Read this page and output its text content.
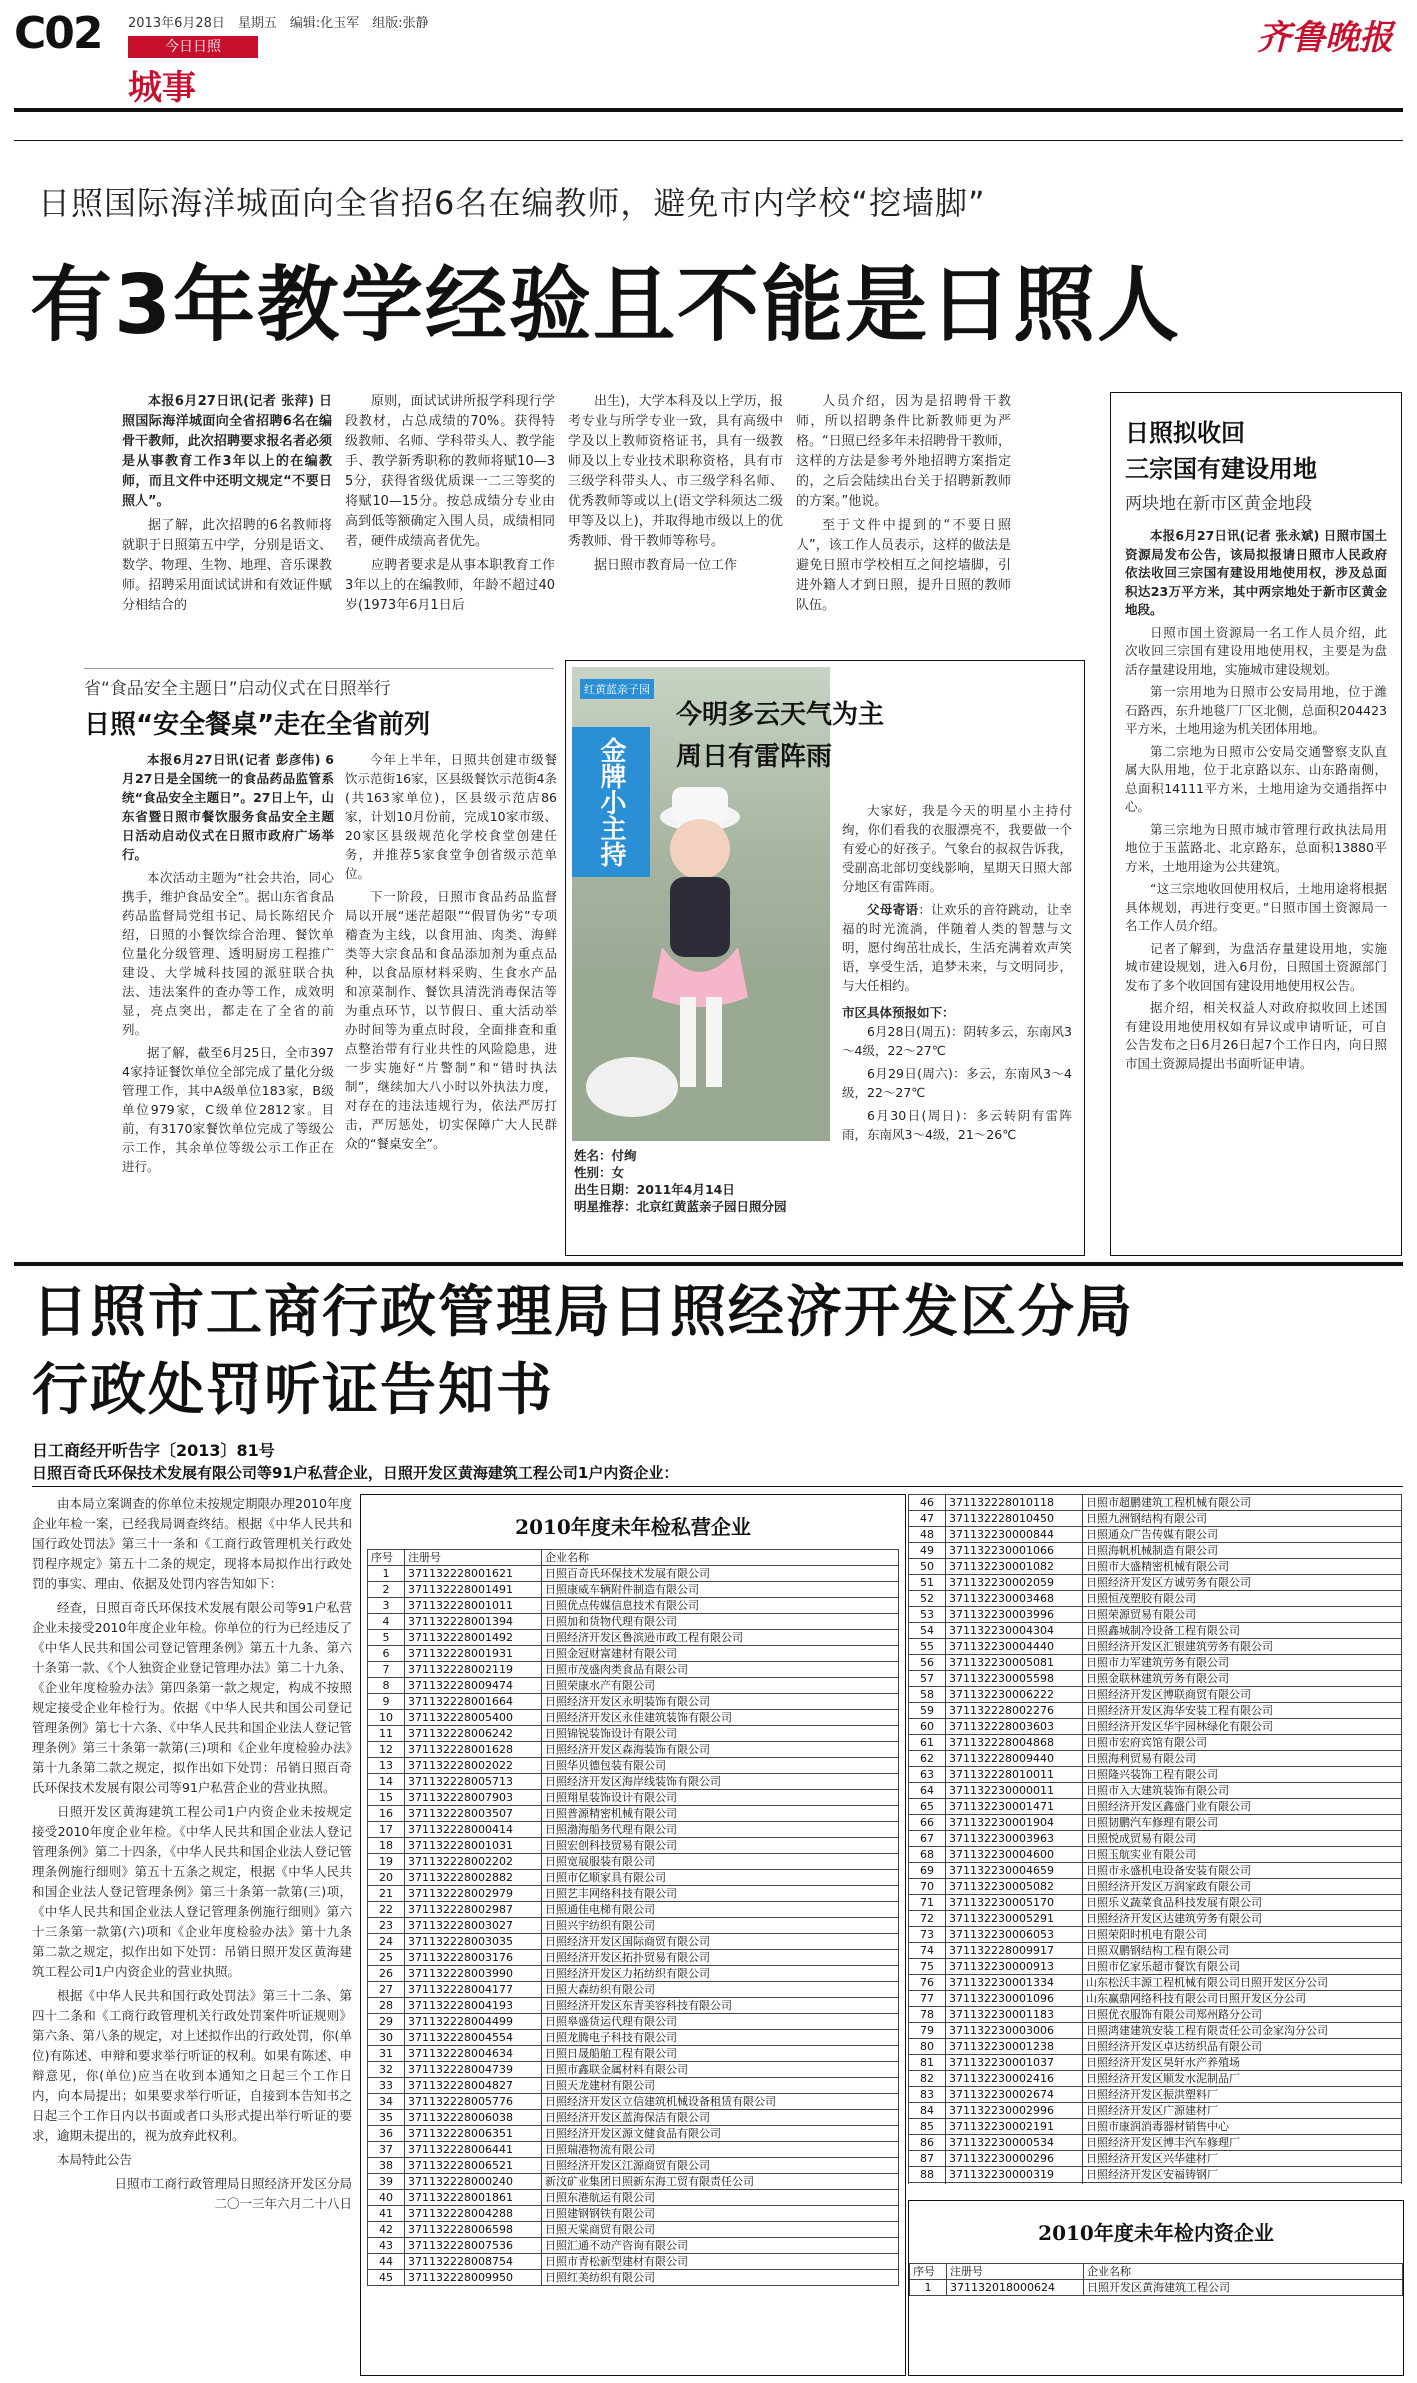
C02 2013年6月28日　星期五　编辑:化玉军　组版:张静
今日日照
城事
齐鲁晚报
日照国际海洋城面向全省招6名在编教师，避免市内学校“挖墙脚”
有3年教学经验且不能是日照人

本报6月27日讯(记者 张萍) 日照国际海洋城面向全省招聘6名在编骨干教师，此次招聘要求报名者必须是从事教育工作3年以上的在编教师，而且文件中还明文规定“不要日照人”。

据了解，此次招聘的6名教师将就职于日照第五中学，分别是语文、数学、物理、生物、地理、音乐课教师。招聘采用面试试讲和有效证件赋分相结合的

原则，面试试讲所报学科现行学段教材，占总成绩的70%。获得特级教师、名师、学科带头人、教学能手、教学新秀职称的教师将赋10—35分，获得省级优质课一二三等奖的将赋10—15分。按总成绩分专业由高到低等额确定入围人员，成绩相同者，硬件成绩高者优先。

应聘者要求是从事本职教育工作3年以上的在编教师，年龄不超过40岁(1973年6月1日后

出生)，大学本科及以上学历，报考专业与所学专业一致，具有高级中学及以上教师资格证书，具有一级教师及以上专业技术职称资格，具有市三级学科带头人、市三级学科名师、优秀教师等或以上(语文学科须达二级甲等及以上)，并取得地市级以上的优秀教师、骨干教师等称号。

据日照市教育局一位工作

人员介绍，因为是招聘骨干教师，所以招聘条件比新教师更为严格。“日照已经多年未招聘骨干教师，这样的方法是参考外地招聘方案指定的，之后会陆续出台关于招聘新教师的方案。”他说。

至于文件中提到的“不要日照人”，该工作人员表示，这样的做法是避免日照市学校相互之间挖墙脚，引进外籍人才到日照，提升日照的教师队伍。

日照拟收回
三宗国有建设用地
两块地在新市区黄金地段

本报6月27日讯(记者 张永斌) 日照市国土资源局发布公告，该局拟报请日照市人民政府依法收回三宗国有建设用地使用权，涉及总面积达23万平方米，其中两宗地处于新市区黄金地段。

日照市国土资源局一名工作人员介绍，此次收回三宗国有建设用地使用权，主要是为盘活存量建设用地，实施城市建设规划。

第一宗用地为日照市公安局用地，位于潍石路西，东升地毯厂厂区北侧，总面积204423平方米，土地用途为机关团体用地。

第二宗地为日照市公安局交通警察支队直属大队用地，位于北京路以东、山东路南侧，总面积14111平方米，土地用途为交通指挥中心。

第三宗地为日照市城市管理行政执法局用地位于玉蓝路北、北京路东，总面积13880平方米，土地用途为公共建筑。

“这三宗地收回使用权后，土地用途将根据具体规划，再进行变更。”日照市国土资源局一名工作人员介绍。

记者了解到，为盘活存量建设用地，实施城市建设规划，进入6月份，日照国土资源部门发布了多个收回国有建设用地使用权公告。

据介绍，相关权益人对政府拟收回上述国有建设用地使用权如有异议或申请听证，可自公告发布之日6月26日起7个工作日内，向日照市国土资源局提出书面听证申请。

省“食品安全主题日”启动仪式在日照举行
日照“安全餐桌”走在全省前列

本报6月27日讯(记者 彭彦伟) 6月27日是全国统一的食品药品监管系统“食品安全主题日”。27日上午，山东省暨日照市餐饮服务食品安全主题日活动启动仪式在日照市政府广场举行。

本次活动主题为“社会共治，同心携手，维护食品安全”。据山东省食品药品监督局党组书记、局长陈绍民介绍，日照的小餐饮综合治理、餐饮单位量化分级管理、透明厨房工程推广建设、大学城科技园的派驻联合执法、违法案件的查办等工作，成效明显，亮点突出，都走在了全省的前列。

据了解，截至6月25日，全市3974家持证餐饮单位全部完成了量化分级管理工作，其中A级单位183家，B级单位979家，C级单位2812家。目前，有3170家餐饮单位完成了等级公示工作，其余单位等级公示工作正在进行。

今年上半年，日照共创建市级餐饮示范街16家，区县级餐饮示范街4条(共163家单位)，区县级示范店86家，计划10月份前，完成10家市级、20家区县级规范化学校食堂创建任务，并推荐5家食堂争创省级示范单位。

下一阶段，日照市食品药品监督局以开展“迷茫超限”“假冒伪劣”专项稽查为主线，以食用油、肉类、海鲜类等大宗食品和食品添加剂为重点品种，以食品原材料采购、生食水产品和凉菜制作、餐饮具清洗消毒保洁等为重点环节，以节假日、重大活动举办时间等为重点时段，全面排查和重点整治带有行业共性的风险隐患，进一步实施好“片警制”和“错时执法制”，继续加大八小时以外执法力度，对存在的违法违规行为，依法严厉打击，严厉惩处，切实保障广大人民群众的“餐桌安全”。

金牌小主持
红黄蓝亲子园
姓名：付绚
性别：女
出生日期：2011年4月14日
明星推荐：北京红黄蓝亲子园日照分园
今明多云天气为主
周日有雷阵雨

大家好，我是今天的明星小主持付绚，你们看我的衣服漂亮不，我要做一个有爱心的好孩子。气象台的叔叔告诉我，受副高北部切变线影响，星期天日照大部分地区有雷阵雨。

父母寄语：让欢乐的音符跳动，让幸福的时光流淌，伴随着人类的智慧与文明，愿付绚茁壮成长，生活充满着欢声笑语，享受生活，追梦未来，与文明同步，与大任相约。

市区具体预报如下：

6月28日(周五)：阴转多云，东南风3～4级，22～27℃

6月29日(周六)：多云，东南风3～4级，22～27℃

6月30日(周日)：多云转阴有雷阵雨，东南风3～4级，21～26℃

日照市工商行政管理局日照经济开发区分局
行政处罚听证告知书
日工商经开听告字〔2013〕81号
日照百奇氏环保技术发展有限公司等91户私营企业，日照开发区黄海建筑工程公司1户内资企业：

由本局立案调查的你单位未按规定期限办理2010年度企业年检一案，已经我局调查终结。根据《中华人民共和国行政处罚法》第三十一条和《工商行政管理机关行政处罚程序规定》第五十二条的规定，现将本局拟作出行政处罚的事实、理由、依据及处罚内容告知如下：

经查，日照百奇氏环保技术发展有限公司等91户私营企业未接受2010年度企业年检。你单位的行为已经违反了《中华人民共和国公司登记管理条例》第五十九条、第六十条第一款、《个人独资企业登记管理办法》第二十九条、《企业年度检验办法》第四条第一款之规定，构成不按照规定接受企业年检行为。依据《中华人民共和国公司登记管理条例》第七十六条、《中华人民共和国企业法人登记管理条例》第三十条第一款第(三)项和《企业年度检验办法》第十九条第二款之规定，拟作出如下处罚：吊销日照百奇氏环保技术发展有限公司等91户私营企业的营业执照。

日照开发区黄海建筑工程公司1户内资企业未按规定接受2010年度企业年检。《中华人民共和国企业法人登记管理条例》第二十四条，《中华人民共和国企业法人登记管理条例施行细则》第五十五条之规定，根据《中华人民共和国企业法人登记管理条例》第三十条第一款第(三)项，《中华人民共和国企业法人登记管理条例施行细则》第六十三条第一款第(六)项和《企业年度检验办法》第十九条第二款之规定，拟作出如下处罚：吊销日照开发区黄海建筑工程公司1户内资企业的营业执照。

根据《中华人民共和国行政处罚法》第三十二条、第四十二条和《工商行政管理机关行政处罚案件听证规则》第六条、第八条的规定，对上述拟作出的行政处罚，你(单位)有陈述、申辩和要求举行听证的权利。如果有陈述、申辩意见，你(单位)应当在收到本通知之日起三个工作日内，向本局提出；如果要求举行听证，自接到本告知书之日起三个工作日内以书面或者口头形式提出举行听证的要求，逾期未提出的，视为放弃此权利。

本局特此公告

日照市工商行政管理局日照经济开发区分局
二〇一三年六月二十八日
2010年度未年检私营企业
序号	注册号	企业名称
1	371132228001621	日照百奇氏环保技术发展有限公司
2	371132228001491	日照康威车辆附件制造有限公司
3	371132228001011	日照优点传媒信息技术有限公司
4	371132228001394	日照加和货物代理有限公司
5	371132228001492	日照经济开发区鲁滨逊市政工程有限公司
6	371132228001931	日照金冠财富建材有限公司
7	371132228002119	日照市茂盛肉类食品有限公司
8	371132228009474	日照荣康水产有限公司
9	371132228001664	日照经济开发区永明装饰有限公司
10	371132228005400	日照经济开发区永佳建筑装饰有限公司
11	371132228006242	日照锦锐装饰设计有限公司
12	371132228001628	日照经济开发区森海装饰有限公司
13	371132228002022	日照华贝德包装有限公司
14	371132228005713	日照经济开发区海岸线装饰有限公司
15	371132228007903	日照翔星装饰设计有限公司
16	371132228003507	日照普源精密机械有限公司
17	371132228000414	日照渤海船务代理有限公司
18	371132228001031	日照宏创科技贸易有限公司
19	371132228002202	日照宽展服装有限公司
20	371132228002882	日照市亿顺家具有限公司
21	371132228002979	日照艺丰网络科技有限公司
22	371132228002987	日照通佳电梯有限公司
23	371132228003027	日照兴宇纺织有限公司
24	371132228003035	日照经济开发区国际商贸有限公司
25	371132228003176	日照经济开发区拓扑贸易有限公司
26	371132228003990	日照经济开发区力拓纺织有限公司
27	371132228004177	日照大森纺织有限公司
28	371132228004193	日照经济开发区东青美容科技有限公司
29	371132228004499	日照皋盛货运代理有限公司
30	371132228004554	日照龙腾电子科技有限公司
31	371132228004634	日照日晟船舶工程有限公司
32	371132228004739	日照市鑫联金属材料有限公司
33	371132228004827	日照天龙建材有限公司
34	371132228005776	日照经济开发区立信建筑机械设备租赁有限公司
35	371132228006038	日照经济开发区蓝海保洁有限公司
36	371132228006351	日照经济开发区源文健食品有限公司
37	371132228006441	日照瑞港物流有限公司
38	371132228006521	日照经济开发区江源商贸有限公司
39	371132228000240	新汶矿业集团日照新东海工贸有限责任公司
40	371132228001861	日照东港航运有限公司
41	371132228004288	日照建钢钢铁有限公司
42	371132228006598	日照天棠商贸有限公司
43	371132228007536	日照汇通不动产咨询有限公司
44	371132228008754	日照市青松新型建材有限公司
45	371132228009950	日照红美纺织有限公司
46	371132228010118	日照市超鹏建筑工程机械有限公司
47	371132228010450	日照九洲钢结构有限公司
48	371132230000844	日照通众广告传媒有限公司
49	371132230001066	日照海帆机械制造有限公司
50	371132230001082	日照市大盛精密机械有限公司
51	371132230002059	日照经济开发区方诚劳务有限公司
52	371132230003468	日照恒茂塑胶有限公司
53	371132230003996	日照荣源贸易有限公司
54	371132230004304	日照鑫城制冷设备工程有限公司
55	371132230004440	日照经济开发区汇银建筑劳务有限公司
56	371132230005081	日照市力军建筑劳务有限公司
57	371132230005598	日照金联林建筑劳务有限公司
58	371132230006222	日照经济开发区博联商贸有限公司
59	371132228002276	日照经济开发区海华安装工程有限公司
60	371132228003603	日照经济开发区华宇园林绿化有限公司
61	371132228004868	日照市宏府宾馆有限公司
62	371132228009440	日照海利贸易有限公司
63	371132228010011	日照隆兴装饰工程有限公司
64	371132230000011	日照市入大建筑装饰有限公司
65	371132230001471	日照经济开发区鑫盛门业有限公司
66	371132230001904	日照韧鹏汽车修理有限公司
67	371132230003963	日照悦成贸易有限公司
68	371132230004600	日照玉航实业有限公司
69	371132230004659	日照市永盛机电设备安装有限公司
70	371132230005082	日照经济开发区万润家政有限公司
71	371132230005170	日照乐义蔬菜食品科技发展有限公司
72	371132230005291	日照经济开发区达建筑劳务有限公司
73	371132230006053	日照荣阳时机电有限公司
74	371132228009917	日照双鹏钢结构工程有限公司
75	371132230000913	日照市亿家乐超市餐饮有限公司
76	371132230001334	山东松沃丰源工程机械有限公司日照开发区分公司
77	371132230001096	山东赢鼎网络科技有限公司日照开发区分公司
78	371132230001183	日照优衣服饰有限公司郑州路分公司
79	371132230003006	日照鸿建建筑安装工程有限责任公司金家沟分公司
80	371132230001238	日照经济开发区卓达纺织品有限公司
81	371132230001037	日照经济开发区昊轩水产养殖场
82	371132230002416	日照经济开发区顺发水泥制品厂
83	371132230002674	日照经济开发区振洪塑料厂
84	371132230002996	日照经济开发区广源建材厂
85	371132230002191	日照市康润消毒器材销售中心
86	371132230000534	日照经济开发区博丰汽车修理厂
87	371132230000296	日照经济开发区兴华建材厂
88	371132230000319	日照经济开发区安福铸钢厂

2010年度未年检内资企业
序号	注册号	企业名称
1	371132018000624	日照开发区黄海建筑工程公司
